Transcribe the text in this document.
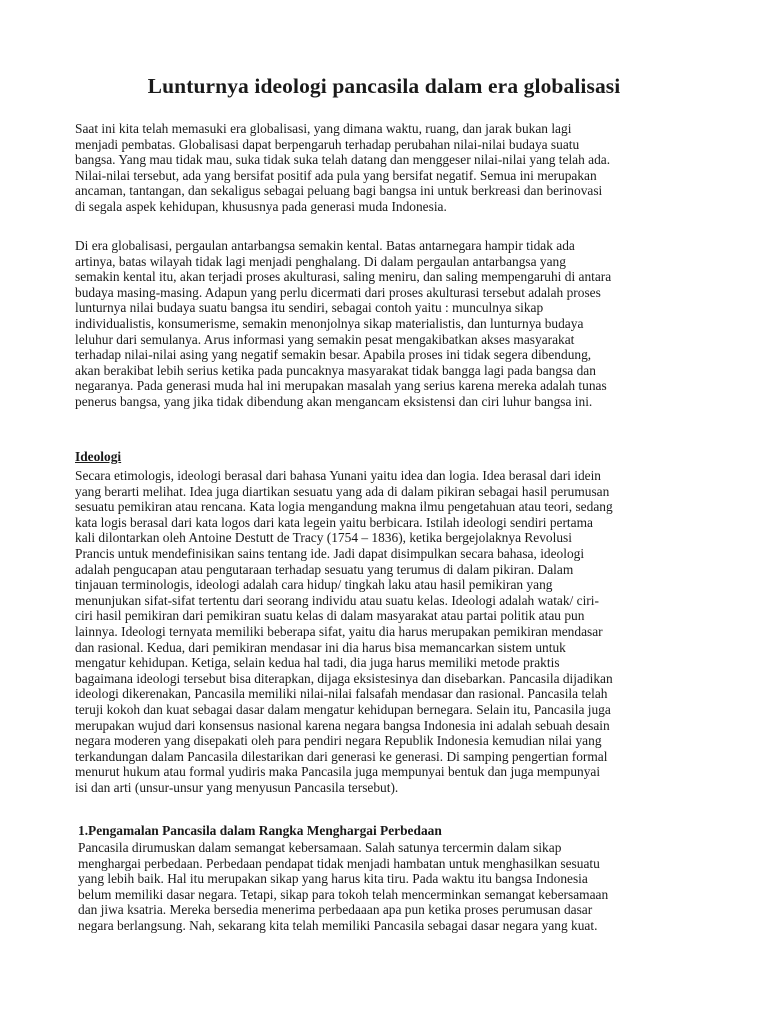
Lunturnya ideologi pancasila dalam era globalisasi

Saat ini kita telah memasuki era globalisasi, yang dimana waktu, ruang, dan jarak bukan lagi
menjadi pembatas. Globalisasi dapat berpengaruh terhadap perubahan nilai-nilai budaya suatu
bangsa. Yang mau tidak mau, suka tidak suka telah datang dan menggeser nilai-nilai yang telah ada.
Nilai-nilai tersebut, ada yang bersifat positif ada pula yang bersifat negatif. Semua ini merupakan
ancaman, tantangan, dan sekaligus sebagai peluang bagi bangsa ini untuk berkreasi dan berinovasi
di segala aspek kehidupan, khususnya pada generasi muda Indonesia.

Di era globalisasi, pergaulan antarbangsa semakin kental. Batas antarnegara hampir tidak ada
artinya, batas wilayah tidak lagi menjadi penghalang. Di dalam pergaulan antarbangsa yang
semakin kental itu, akan terjadi proses akulturasi, saling meniru, dan saling mempengaruhi di antara
budaya masing-masing. Adapun yang perlu dicermati dari proses akulturasi tersebut adalah proses
lunturnya nilai budaya suatu bangsa itu sendiri, sebagai contoh yaitu : munculnya sikap
individualistis, konsumerisme, semakin menonjolnya sikap materialistis, dan lunturnya budaya
leluhur dari semulanya. Arus informasi yang semakin pesat mengakibatkan akses masyarakat
terhadap nilai-nilai asing yang negatif semakin besar. Apabila proses ini tidak segera dibendung,
akan berakibat lebih serius ketika pada puncaknya masyarakat tidak bangga lagi pada bangsa dan
negaranya. Pada generasi muda hal ini merupakan masalah yang serius karena mereka adalah tunas
penerus bangsa, yang jika tidak dibendung akan mengancam eksistensi dan ciri luhur bangsa ini.

Ideologi

Secara etimologis, ideologi berasal dari bahasa Yunani yaitu idea dan logia. Idea berasal dari idein
yang berarti melihat. Idea juga diartikan sesuatu yang ada di dalam pikiran sebagai hasil perumusan
sesuatu pemikiran atau rencana. Kata logia mengandung makna ilmu pengetahuan atau teori, sedang
kata logis berasal dari kata logos dari kata legein yaitu berbicara. Istilah ideologi sendiri pertama
kali dilontarkan oleh Antoine Destutt de Tracy (1754 – 1836), ketika bergejolaknya Revolusi
Prancis untuk mendefinisikan sains tentang ide. Jadi dapat disimpulkan secara bahasa, ideologi
adalah pengucapan atau pengutaraan terhadap sesuatu yang terumus di dalam pikiran. Dalam
tinjauan terminologis, ideologi adalah cara hidup/ tingkah laku atau hasil pemikiran yang
menunjukan sifat-sifat tertentu dari seorang individu atau suatu kelas. Ideologi adalah watak/ ciri-
ciri hasil pemikiran dari pemikiran suatu kelas di dalam masyarakat atau partai politik atau pun
lainnya. Ideologi ternyata memiliki beberapa sifat, yaitu dia harus merupakan pemikiran mendasar
dan rasional. Kedua, dari pemikiran mendasar ini dia harus bisa memancarkan sistem untuk
mengatur kehidupan. Ketiga, selain kedua hal tadi, dia juga harus memiliki metode praktis
bagaimana ideologi tersebut bisa diterapkan, dijaga eksistesinya dan disebarkan. Pancasila dijadikan
ideologi dikerenakan, Pancasila memiliki nilai-nilai falsafah mendasar dan rasional. Pancasila telah
teruji kokoh dan kuat sebagai dasar dalam mengatur kehidupan bernegara. Selain itu, Pancasila juga
merupakan wujud dari konsensus nasional karena negara bangsa Indonesia ini adalah sebuah desain
negara moderen yang disepakati oleh para pendiri negara Republik Indonesia kemudian nilai yang
terkandungan dalam Pancasila dilestarikan dari generasi ke generasi. Di samping pengertian formal
menurut hukum atau formal yudiris maka Pancasila juga mempunyai bentuk dan juga mempunyai
isi dan arti (unsur-unsur yang menyusun Pancasila tersebut).

1.Pengamalan Pancasila dalam Rangka Menghargai Perbedaan

Pancasila dirumuskan dalam semangat kebersamaan. Salah satunya tercermin dalam sikap
menghargai perbedaan. Perbedaan pendapat tidak menjadi hambatan untuk menghasilkan sesuatu
yang lebih baik. Hal itu merupakan sikap yang harus kita tiru. Pada waktu itu bangsa Indonesia
belum memiliki dasar negara. Tetapi, sikap para tokoh telah mencerminkan semangat kebersamaan
dan jiwa ksatria. Mereka bersedia menerima perbedaaan apa pun ketika proses perumusan dasar
negara berlangsung. Nah, sekarang kita telah memiliki Pancasila sebagai dasar negara yang kuat.
